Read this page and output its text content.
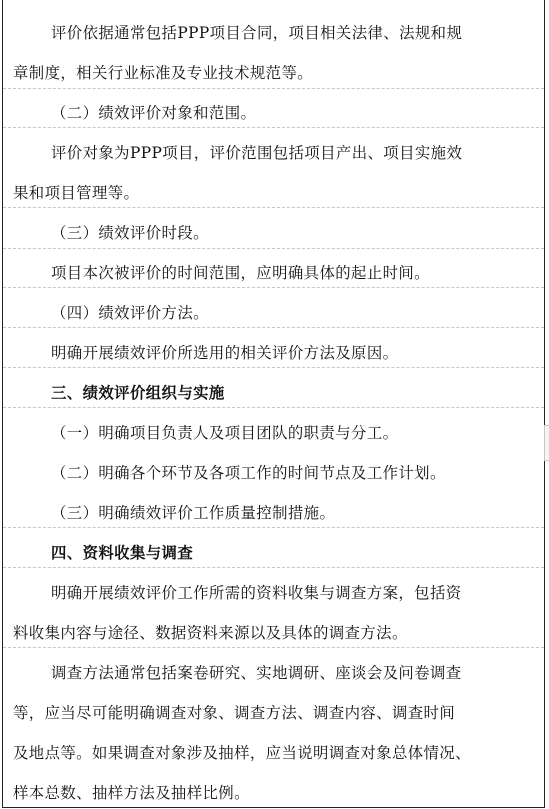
评价依据通常包括PPP项目合同，项目相关法律、法规和规
章制度，相关行业标准及专业技术规范等。
（二）绩效评价对象和范围。
评价对象为PPP项目，评价范围包括项目产出、项目实施效
果和项目管理等。
（三）绩效评价时段。
项目本次被评价的时间范围，应明确具体的起止时间。
（四）绩效评价方法。
明确开展绩效评价所选用的相关评价方法及原因。
三、绩效评价组织与实施
（一）明确项目负责人及项目团队的职责与分工。
（二）明确各个环节及各项工作的时间节点及工作计划。
（三）明确绩效评价工作质量控制措施。
四、资料收集与调查
明确开展绩效评价工作所需的资料收集与调查方案，包括资
料收集内容与途径、数据资料来源以及具体的调查方法。
调查方法通常包括案卷研究、实地调研、座谈会及问卷调查
等，应当尽可能明确调查对象、调查方法、调查内容、调查时间
及地点等。如果调查对象涉及抽样，应当说明调查对象总体情况、
样本总数、抽样方法及抽样比例。
